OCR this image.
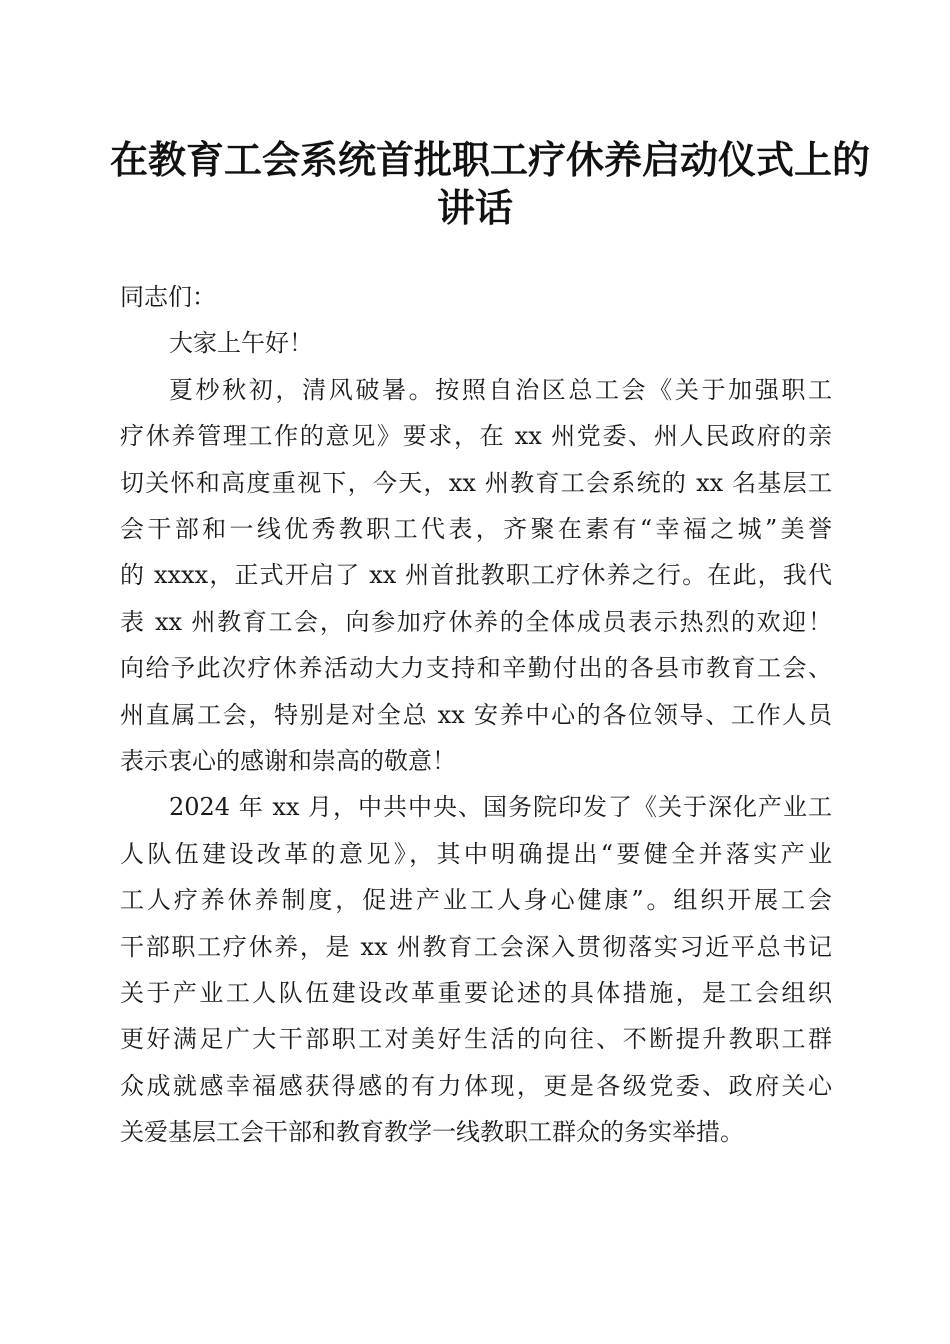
在教育工会系统首批职工疗休养启动仪式上的
讲话
同志们：
大家上午好！
夏杪秋初，清风破暑。按照自治区总工会《关于加强职工
疗休养管理工作的意见》要求，在 xx 州党委、州人民政府的亲
切关怀和高度重视下，今天，xx 州教育工会系统的 xx 名基层工
会干部和一线优秀教职工代表，齐聚在素有“幸福之城”美誉
的 xxxx，正式开启了 xx 州首批教职工疗休养之行。在此，我代
表 xx 州教育工会，向参加疗休养的全体成员表示热烈的欢迎！
向给予此次疗休养活动大力支持和辛勤付出的各县市教育工会、
州直属工会，特别是对全总 xx 安养中心的各位领导、工作人员
表示衷心的感谢和崇高的敬意！
2024 年 xx 月，中共中央、国务院印发了《关于深化产业工
人队伍建设改革的意见》，其中明确提出“要健全并落实产业
工人疗养休养制度，促进产业工人身心健康”。组织开展工会
干部职工疗休养，是 xx 州教育工会深入贯彻落实习近平总书记
关于产业工人队伍建设改革重要论述的具体措施，是工会组织
更好满足广大干部职工对美好生活的向往、不断提升教职工群
众成就感幸福感获得感的有力体现，更是各级党委、政府关心
关爱基层工会干部和教育教学一线教职工群众的务实举措。
